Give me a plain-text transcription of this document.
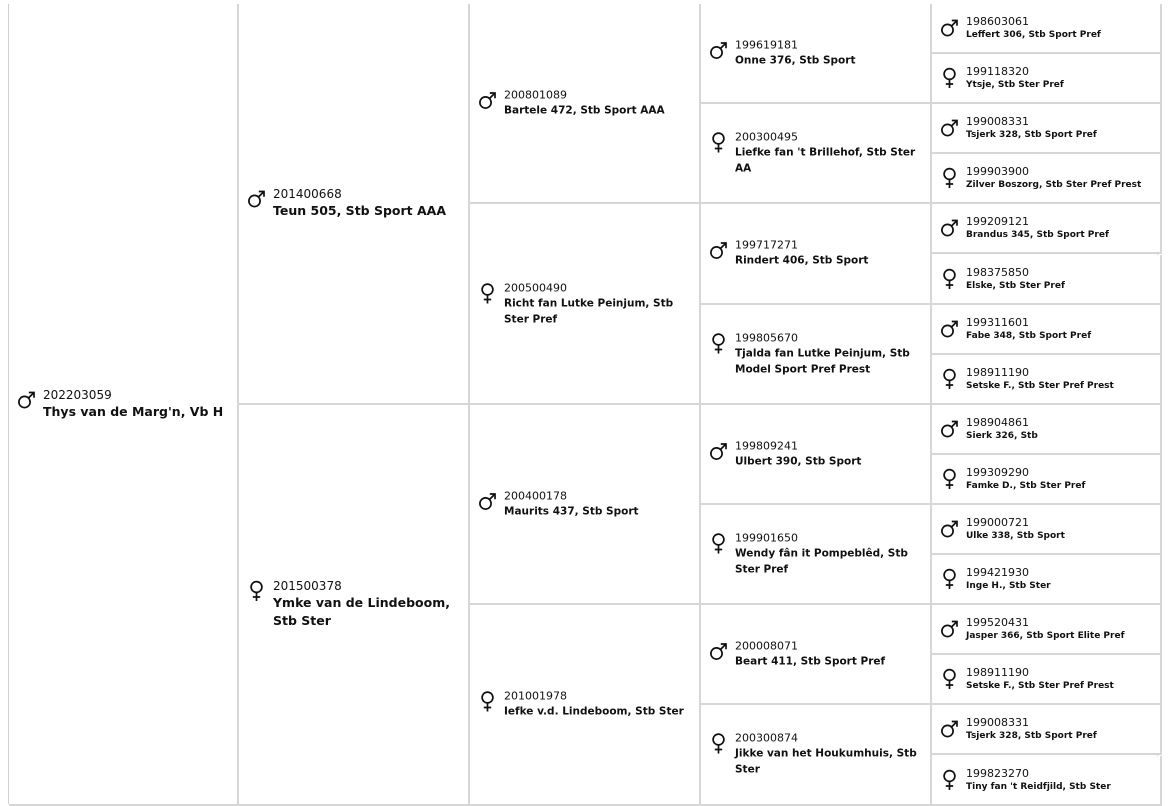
202203059
Thys van de Marg'n, Vb H
201400668
Teun 505, Stb Sport AAA
201500378
Ymke van de Lindeboom, Stb Ster
200801089
Bartele 472, Stb Sport AAA
200500490
Richt fan Lutke Peinjum, Stb Ster Pref
200400178
Maurits 437, Stb Sport
201001978
Iefke v.d. Lindeboom, Stb Ster
199619181
Onne 376, Stb Sport
200300495
Liefke fan 't Brillehof, Stb Ster AA
199717271
Rindert 406, Stb Sport
199805670
Tjalda fan Lutke Peinjum, Stb Model Sport Pref Prest
199809241
Ulbert 390, Stb Sport
199901650
Wendy fân it Pompeblêd, Stb Ster Pref
200008071
Beart 411, Stb Sport Pref
200300874
Jikke van het Houkumhuis, Stb Ster
198603061
Leffert 306, Stb Sport Pref
199118320
Ytsje, Stb Ster Pref
199008331
Tsjerk 328, Stb Sport Pref
199903900
Zilver Boszorg, Stb Ster Pref Prest
199209121
Brandus 345, Stb Sport Pref
198375850
Elske, Stb Ster Pref
199311601
Fabe 348, Stb Sport Pref
198911190
Setske F., Stb Ster Pref Prest
198904861
Sierk 326, Stb
199309290
Famke D., Stb Ster Pref
199000721
Ulke 338, Stb Sport
199421930
Inge H., Stb Ster
199520431
Jasper 366, Stb Sport Elite Pref
198911190
Setske F., Stb Ster Pref Prest
199008331
Tsjerk 328, Stb Sport Pref
199823270
Tiny fan 't Reidfjild, Stb Ster
